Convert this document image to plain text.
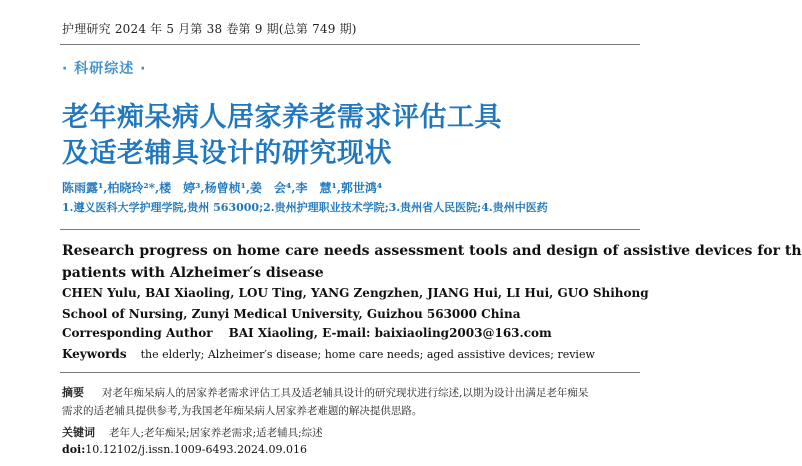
护理研究 2024 年 5 月第 38 卷第 9 期(总第 749 期)
· 科研综述 ·
老年痴呆病人居家养老需求评估工具
及适老辅具设计的研究现状
陈雨露¹,柏晓玲²*,楼　婷³,杨曾桢¹,姜　会⁴,李　慧¹,郭世鸿⁴
1.遵义医科大学护理学院,贵州 563000;2.贵州护理职业技术学院;3.贵州省人民医院;4.贵州中医药
Research progress on home care needs assessment tools and design of assistive devices for th
patients with Alzheimer′s disease
CHEN Yulu, BAI Xiaoling, LOU Ting, YANG Zengzhen, JIANG Hui, LI Hui, GUO Shihong
School of Nursing, Zunyi Medical University, Guizhou 563000 China
Corresponding Author BAI Xiaoling, E-mail: baixiaoling2003@163.com
Keywords the elderly; Alzheimer′s disease; home care needs; aged assistive devices; review
摘要 对老年痴呆病人的居家养老需求评估工具及适老辅具设计的研究现状进行综述,以期为设计出满足老年痴呆
需求的适老辅具提供参考,为我国老年痴呆病人居家养老难题的解决提供思路。
关键词 老年人;老年痴呆;居家养老需求;适老辅具;综述
doi:10.12102/j.issn.1009-6493.2024.09.016
